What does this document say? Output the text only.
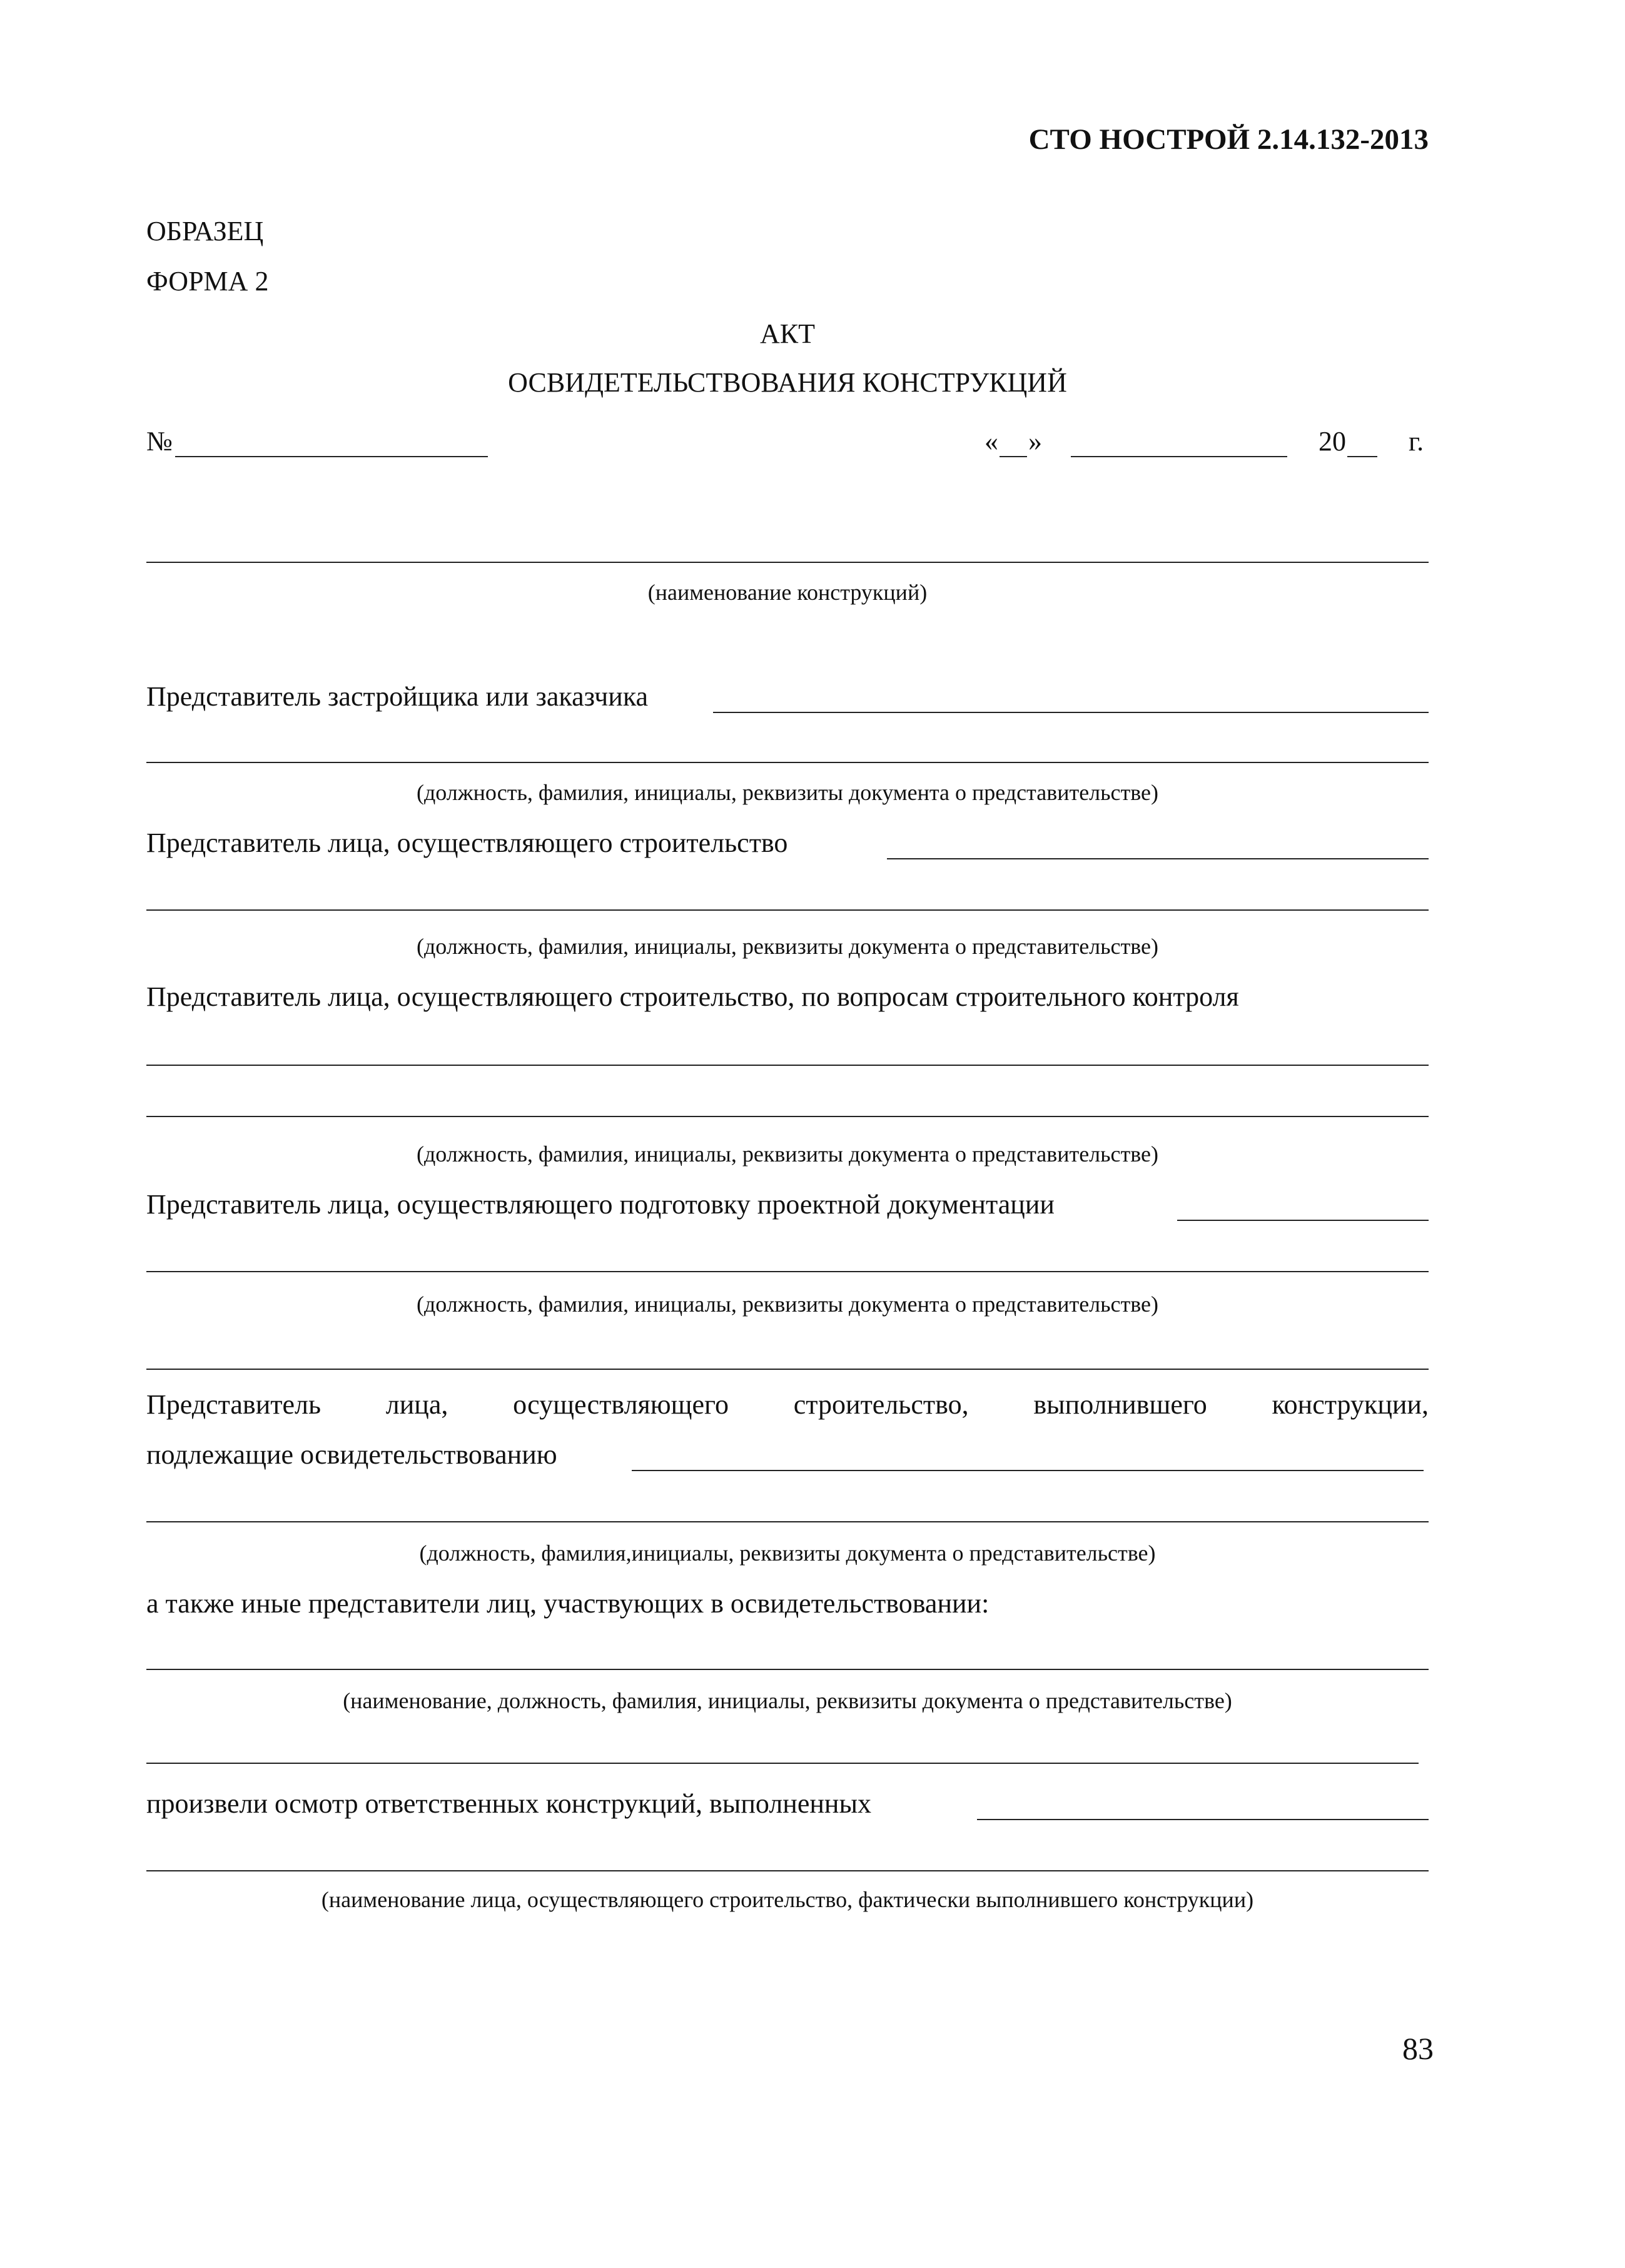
СТО НОСТРОЙ 2.14.132-2013
ОБРАЗЕЦ
ФОРМА 2
АКТ
ОСВИДЕТЕЛЬСТВОВАНИЯ КОНСТРУКЦИЙ
№	« »	20 г.
(наименование конструкций)
Представитель застройщика или заказчика
(должность, фамилия, инициалы, реквизиты документа о представительстве)
Представитель лица, осуществляющего строительство
(должность, фамилия, инициалы, реквизиты документа о представительстве)
Представитель лица, осуществляющего строительство, по вопросам строительного контроля
(должность, фамилия, инициалы, реквизиты документа о представительстве)
Представитель лица, осуществляющего подготовку проектной документации
(должность, фамилия, инициалы, реквизиты документа о представительстве)
Представитель лица, осуществляющего строительство, выполнившего конструкции,
подлежащие освидетельствованию
(должность, фамилия,инициалы, реквизиты документа о представительстве)
а также иные представители лиц, участвующих в освидетельствовании:
(наименование, должность, фамилия, инициалы, реквизиты документа о представительстве)
произвели осмотр ответственных конструкций, выполненных
(наименование лица, осуществляющего строительство, фактически выполнившего конструкции)
83
